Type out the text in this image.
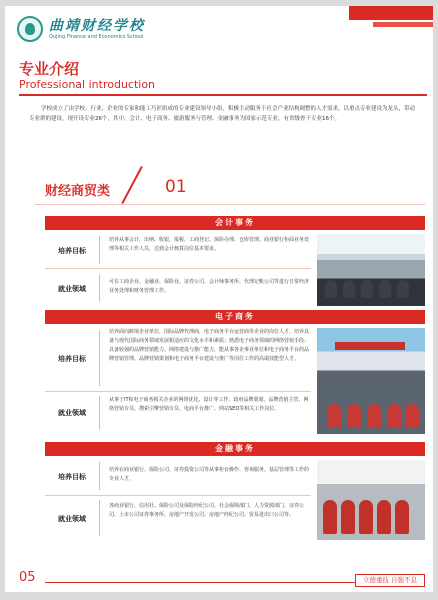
曲靖财经学校
Qujing Finance and Economics School
专业介绍
Professional introduction

学校成立了由学校、行业、企业的专家和能工巧匠组成的专业建设领导小组，积极主动服务于社会产业结构调整的人才需求，以重点专业建设为龙头，带动专业群的建设，现开设专业26个，其中，会计、电子商务、旅游服务与管理、金融事务为国家示范专业，有省级骨干专业16个。

财经商贸类	01
会计事务
培养目标
培养从事会计、出纳、收银、报税、工商登记、保险办理、仓库管理、商业银行柜面业务处理等相关工作人员，达到会计核算岗位基本要求。
就业领域
可在工商企业、金融业、保险业、证券公司、会计师事务所、代理记帐公司等进行日常经济业务处理和财务管理工作。
电子商务
培养目标
培养面向跨境企业单位，国际品牌代理商，电子商务平台运营商等企业的岗位人才，培养具备与现代国际商务领域发展相适应的文化水平和素质；熟悉电子商务领域的网络营销手段；具备较强的品牌营销能力、网络建设与推广能力，能从事各企事业单位和电子商务平台的品牌营销管理、品牌营销策划和电子商务平台建设与推广等岗位工作的高端技能型人才。
就业领域
从事于IT和电子商务相关企业的网络优化、设计等工作。政府品牌策划、品牌营销主管、网络营销专员、搜索引擎营销专员、电商平台推广、网站SEO等相关工作岗位。
金融事务
培养目标
培养在商业银行、保险公司、证券投资公司等从事柜台操作、咨询服务、基层管理等工作的专业人才。
就业领域
各商业银行、信用社、保险公司及保险经纪公司、社会保障部门、人力资源部门、证券公司、上市公司证券事务所、房地产开发公司、房地产经纪公司、贸易进出口公司等。
05	立德重技 自强不息
